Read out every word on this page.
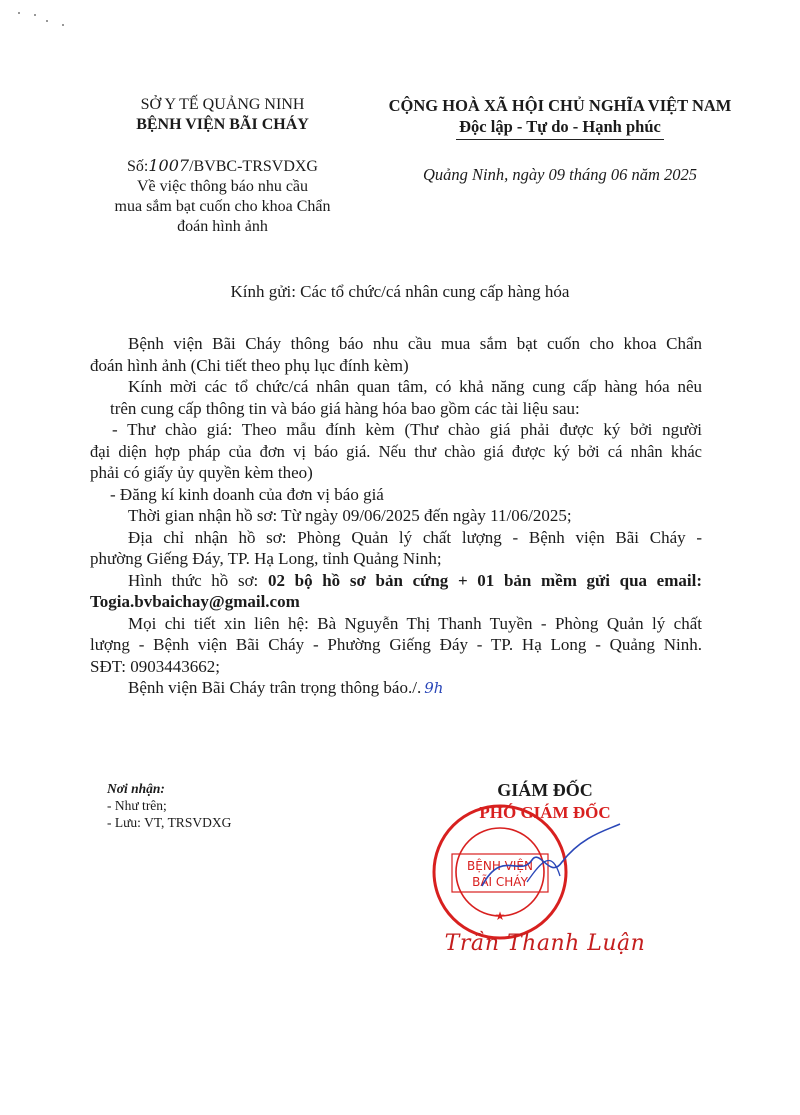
SỞ Y TẾ QUẢNG NINH
BỆNH VIỆN BÃI CHÁY
Số:1007/BVBC-TRSVDXG
Về việc thông báo nhu cầu
mua sắm bạt cuốn cho khoa Chẩn
đoán hình ảnh
CỘNG HOÀ XÃ HỘI CHỦ NGHĨA VIỆT NAM
Độc lập - Tự do - Hạnh phúc
Quảng Ninh, ngày 09 tháng 06 năm 2025
Kính gửi: Các tổ chức/cá nhân cung cấp hàng hóa

Bệnh viện Bãi Cháy thông báo nhu cầu mua sắm bạt cuốn cho khoa Chẩn

đoán hình ảnh (Chi tiết theo phụ lục đính kèm)

Kính mời các tổ chức/cá nhân quan tâm, có khả năng cung cấp hàng hóa nêu

trên cung cấp thông tin và báo giá hàng hóa bao gồm các tài liệu sau:

- Thư chào giá: Theo mẫu đính kèm (Thư chào giá phải được ký bởi người

đại diện hợp pháp của đơn vị báo giá. Nếu thư chào giá được ký bởi cá nhân khác

phải có giấy ủy quyền kèm theo)

- Đăng kí kinh doanh của đơn vị báo giá

Thời gian nhận hồ sơ: Từ ngày 09/06/2025 đến ngày 11/06/2025;

Địa chỉ nhận hồ sơ: Phòng Quản lý chất lượng - Bệnh viện Bãi Cháy -

phường Giếng Đáy, TP. Hạ Long, tỉnh Quảng Ninh;

Hình thức hồ sơ: 02 bộ hồ sơ bản cứng + 01 bản mềm gửi qua email:

Togia.bvbaichay@gmail.com

Mọi chi tiết xin liên hệ: Bà Nguyễn Thị Thanh Tuyền - Phòng Quản lý chất

lượng - Bệnh viện Bãi Cháy - Phường Giếng Đáy - TP. Hạ Long - Quảng Ninh.

SĐT: 0903443662;

Bệnh viện Bãi Cháy trân trọng thông báo./. 9h

Nơi nhận:
- Như trên;
- Lưu: VT, TRSVDXG
★
BỆNH VIỆN
BÃI CHÁY
GIÁM ĐỐC
PHÓ GIÁM ĐỐC
Trần Thanh Luận
